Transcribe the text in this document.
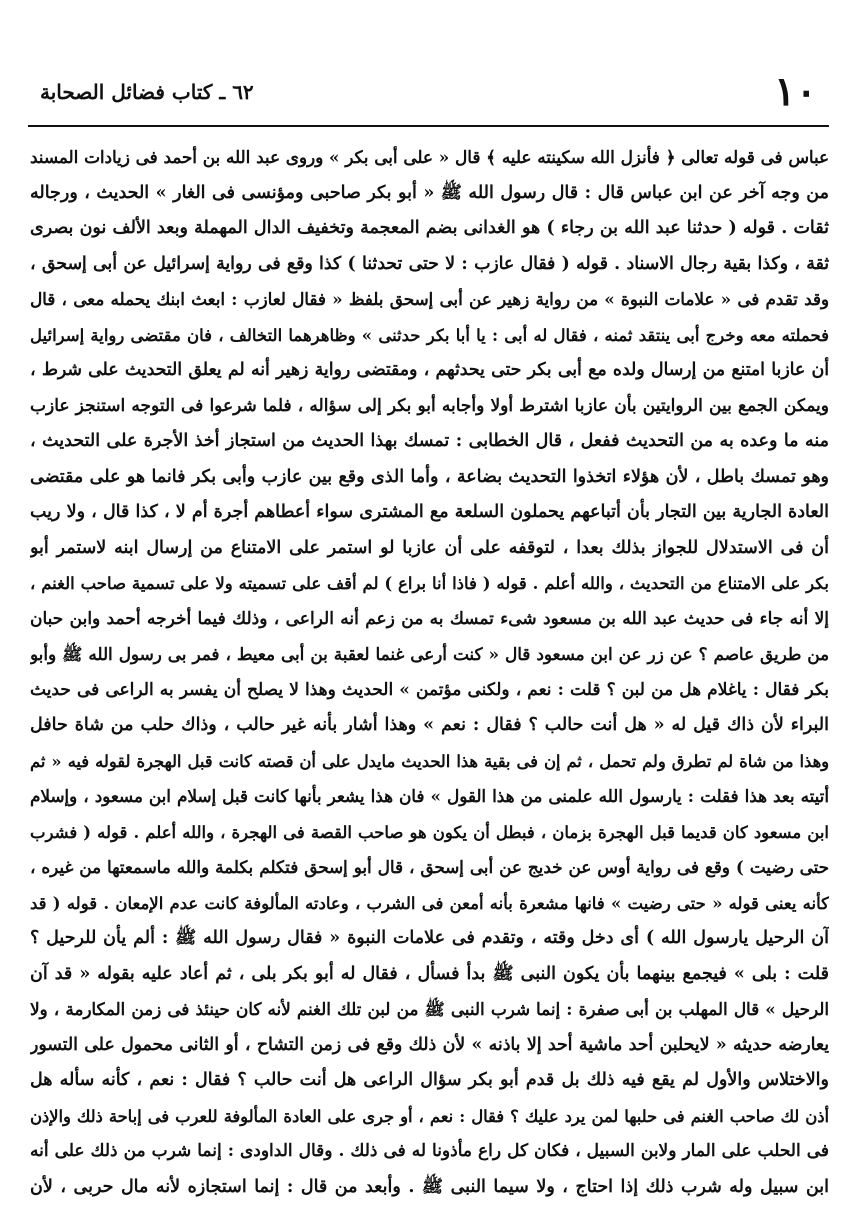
١٠
٦٢ ـ كتاب فضائل الصحابة
عباس فى قوله تعالى ﴿ فأنزل الله سكينته عليه ﴾ قال « على أبى بكر » وروى عبد الله بن أحمد فى زيادات المسند
من وجه آخر عن ابن عباس قال : قال رسول الله ﷺ « أبو بكر صاحبى ومؤنسى فى الغار » الحديث ، ورجاله
ثقات . قوله ( حدثنا عبد الله بن رجاء ) هو الغدانى بضم المعجمة وتخفيف الدال المهملة وبعد الألف نون بصرى
ثقة ، وكذا بقية رجال الاسناد . قوله ( فقال عازب : لا حتى تحدثنا ) كذا وقع فى رواية إسرائيل عن أبى إسحق ،
وقد تقدم فى « علامات النبوة » من رواية زهير عن أبى إسحق بلفظ « فقال لعازب : ابعث ابنك يحمله معى ، قال
فحملته معه وخرج أبى ينتقد ثمنه ، فقال له أبى : يا أبا بكر حدثنى » وظاهرهما التخالف ، فان مقتضى رواية إسرائيل
أن عازبا امتنع من إرسال ولده مع أبى بكر حتى يحدثهم ، ومقتضى رواية زهير أنه لم يعلق التحديث على شرط ،
ويمكن الجمع بين الروايتين بأن عازبا اشترط أولا وأجابه أبو بكر إلى سؤاله ، فلما شرعوا فى التوجه استنجز عازب
منه ما وعده به من التحديث ففعل ، قال الخطابى : تمسك بهذا الحديث من استجاز أخذ الأجرة على التحديث ،
وهو تمسك باطل ، لأن هؤلاء اتخذوا التحديث بضاعة ، وأما الذى وقع بين عازب وأبى بكر فانما هو على مقتضى
العادة الجارية بين التجار بأن أتباعهم يحملون السلعة مع المشترى سواء أعطاهم أجرة أم لا ، كذا قال ، ولا ريب
أن فى الاستدلال للجواز بذلك بعدا ، لتوقفه على أن عازبا لو استمر على الامتناع من إرسال ابنه لاستمر أبو
بكر على الامتناع من التحديث ، والله أعلم . قوله ( فاذا أنا براع ) لم أقف على تسميته ولا على تسمية صاحب الغنم ،
إلا أنه جاء فى حديث عبد الله بن مسعود شىء تمسك به من زعم أنه الراعى ، وذلك فيما أخرجه أحمد وابن حبان
من طريق عاصم ؟ عن زر عن ابن مسعود قال « كنت أرعى غنما لعقبة بن أبى معيط ، فمر بى رسول الله ﷺ وأبو
بكر فقال : ياغلام هل من لبن ؟ قلت : نعم ، ولكنى مؤتمن » الحديث وهذا لا يصلح أن يفسر به الراعى فى حديث
البراء لأن ذاك قيل له « هل أنت حالب ؟ فقال : نعم » وهذا أشار بأنه غير حالب ، وذاك حلب من شاة حافل
وهذا من شاة لم تطرق ولم تحمل ، ثم إن فى بقية هذا الحديث مايدل على أن قصته كانت قبل الهجرة لقوله فيه « ثم
أتيته بعد هذا فقلت : يارسول الله علمنى من هذا القول » فان هذا يشعر بأنها كانت قبل إسلام ابن مسعود ، وإسلام
ابن مسعود كان قديما قبل الهجرة بزمان ، فبطل أن يكون هو صاحب القصة فى الهجرة ، والله أعلم . قوله ( فشرب
حتى رضيت ) وقع فى رواية أوس عن خديج عن أبى إسحق ، قال أبو إسحق فتكلم بكلمة والله ماسمعتها من غيره ،
كأنه يعنى قوله « حتى رضيت » فانها مشعرة بأنه أمعن فى الشرب ، وعادته المألوفة كانت عدم الإمعان . قوله ( قد
آن الرحيل يارسول الله ) أى دخل وقته ، وتقدم فى علامات النبوة « فقال رسول الله ﷺ : ألم يأن للرحيل ؟
قلت : بلى » فيجمع بينهما بأن يكون النبى ﷺ بدأ فسأل ، فقال له أبو بكر بلى ، ثم أعاد عليه بقوله « قد آن
الرحيل » قال المهلب بن أبى صفرة : إنما شرب النبى ﷺ من لبن تلك الغنم لأنه كان حينئذ فى زمن المكارمة ، ولا
يعارضه حديثه « لايحلبن أحد ماشية أحد إلا باذنه » لأن ذلك وقع فى زمن التشاح ، أو الثانى محمول على التسور
والاختلاس والأول لم يقع فيه ذلك بل قدم أبو بكر سؤال الراعى هل أنت حالب ؟ فقال : نعم ، كأنه سأله هل
أذن لك صاحب الغنم فى حلبها لمن يرد عليك ؟ فقال : نعم ، أو جرى على العادة المألوفة للعرب فى إباحة ذلك والإذن
فى الحلب على المار ولابن السبيل ، فكان كل راع مأذونا له فى ذلك . وقال الداودى : إنما شرب من ذلك على أنه
ابن سبيل وله شرب ذلك إذا احتاج ، ولا سيما النبى ﷺ . وأبعد من قال : إنما استجازه لأنه مال حربى ، لأن
